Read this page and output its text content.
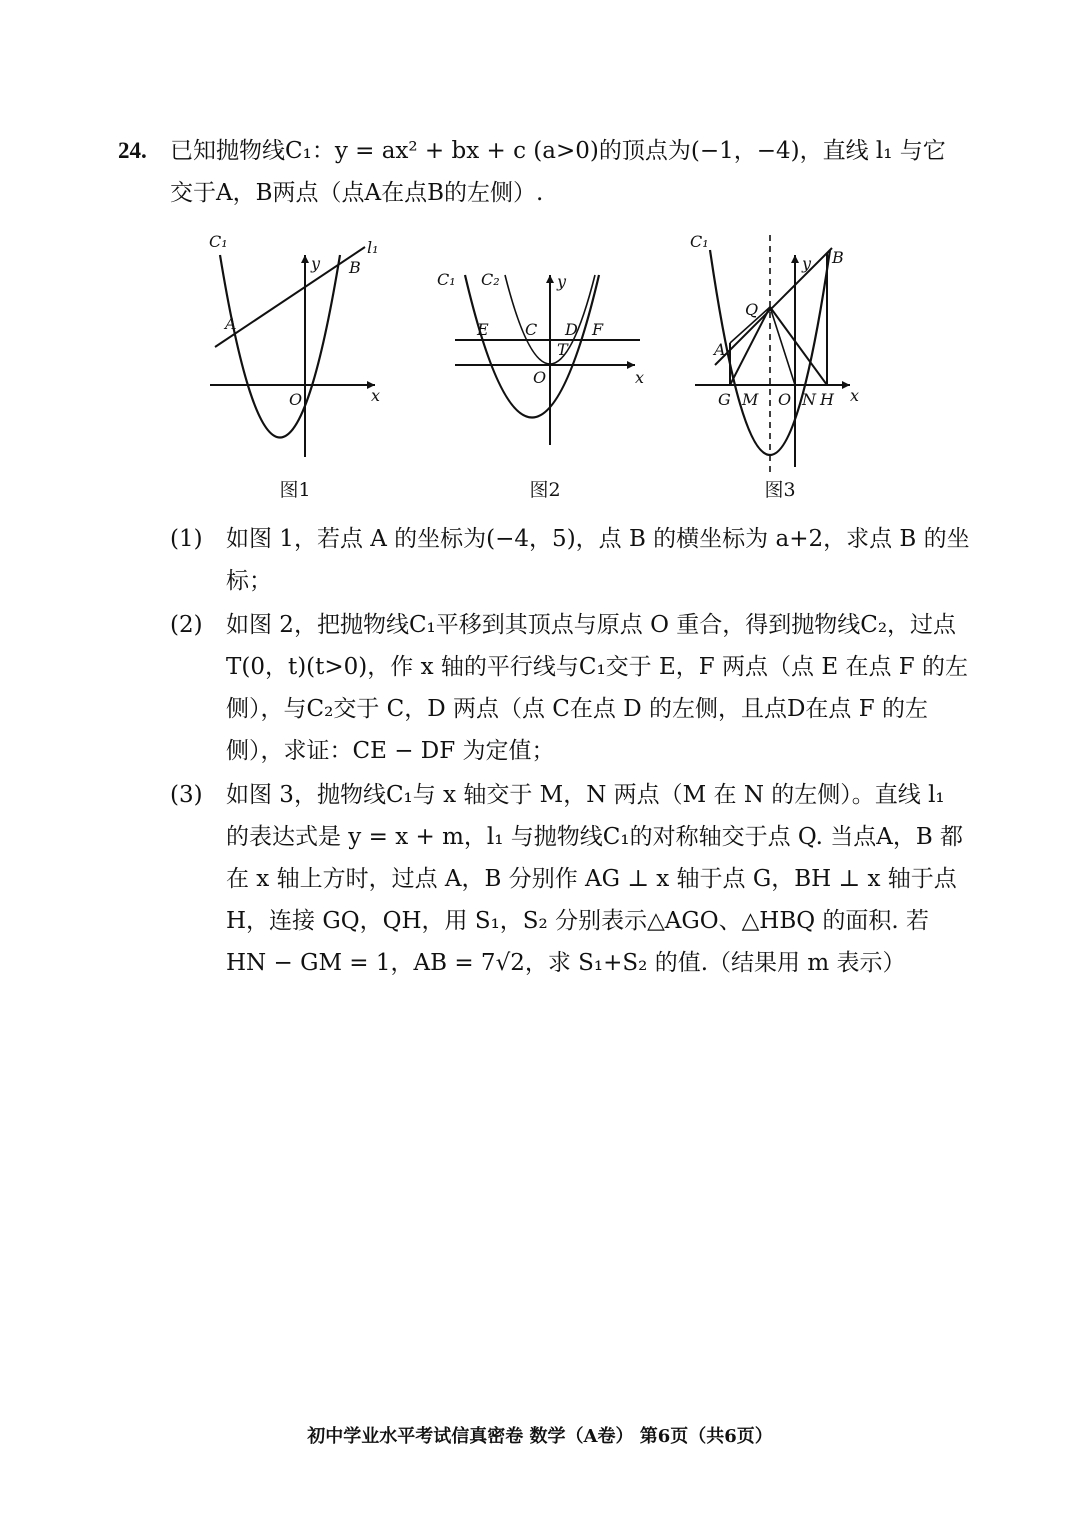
24.	已知抛物线C₁：y = ax² + bx + c (a>0)的顶点为(−1，−4)，直线 l₁ 与它交于A，B两点（点A在点B的左侧）.
C₁	l₁
y
x
A
B
O
图1
C₁ C₂	y
x
E C D F
T
O
图2
C₁
y
x
Q
B
A
G M O N H
图3
(1)	如图 1，若点 A 的坐标为(−4，5)，点 B 的横坐标为 a+2，求点 B 的坐标；
(2)	如图 2，把抛物线C₁平移到其顶点与原点 O 重合，得到抛物线C₂，过点 T(0，t)(t>0)，作 x 轴的平行线与C₁交于 E，F 两点（点 E 在点 F 的左侧），与C₂交于 C，D 两点（点 C在点 D 的左侧，且点D在点 F 的左侧），求证：CE − DF 为定值；
(3)	如图 3，抛物线C₁与 x 轴交于 M，N 两点（M 在 N 的左侧）。直线 l₁ 的表达式是 y = x + m，l₁ 与抛物线C₁的对称轴交于点 Q. 当点A，B 都在 x 轴上方时，过点 A，B 分别作 AG ⊥ x 轴于点 G，BH ⊥ x 轴于点 H，连接 GQ，QH，用 S₁，S₂ 分别表示△AGO、△HBQ 的面积. 若 HN − GM = 1，AB = 7√2，求 S₁+S₂ 的值.（结果用 m 表示）
初中学业水平考试信真密卷 数学（A卷） 第6页（共6页）
